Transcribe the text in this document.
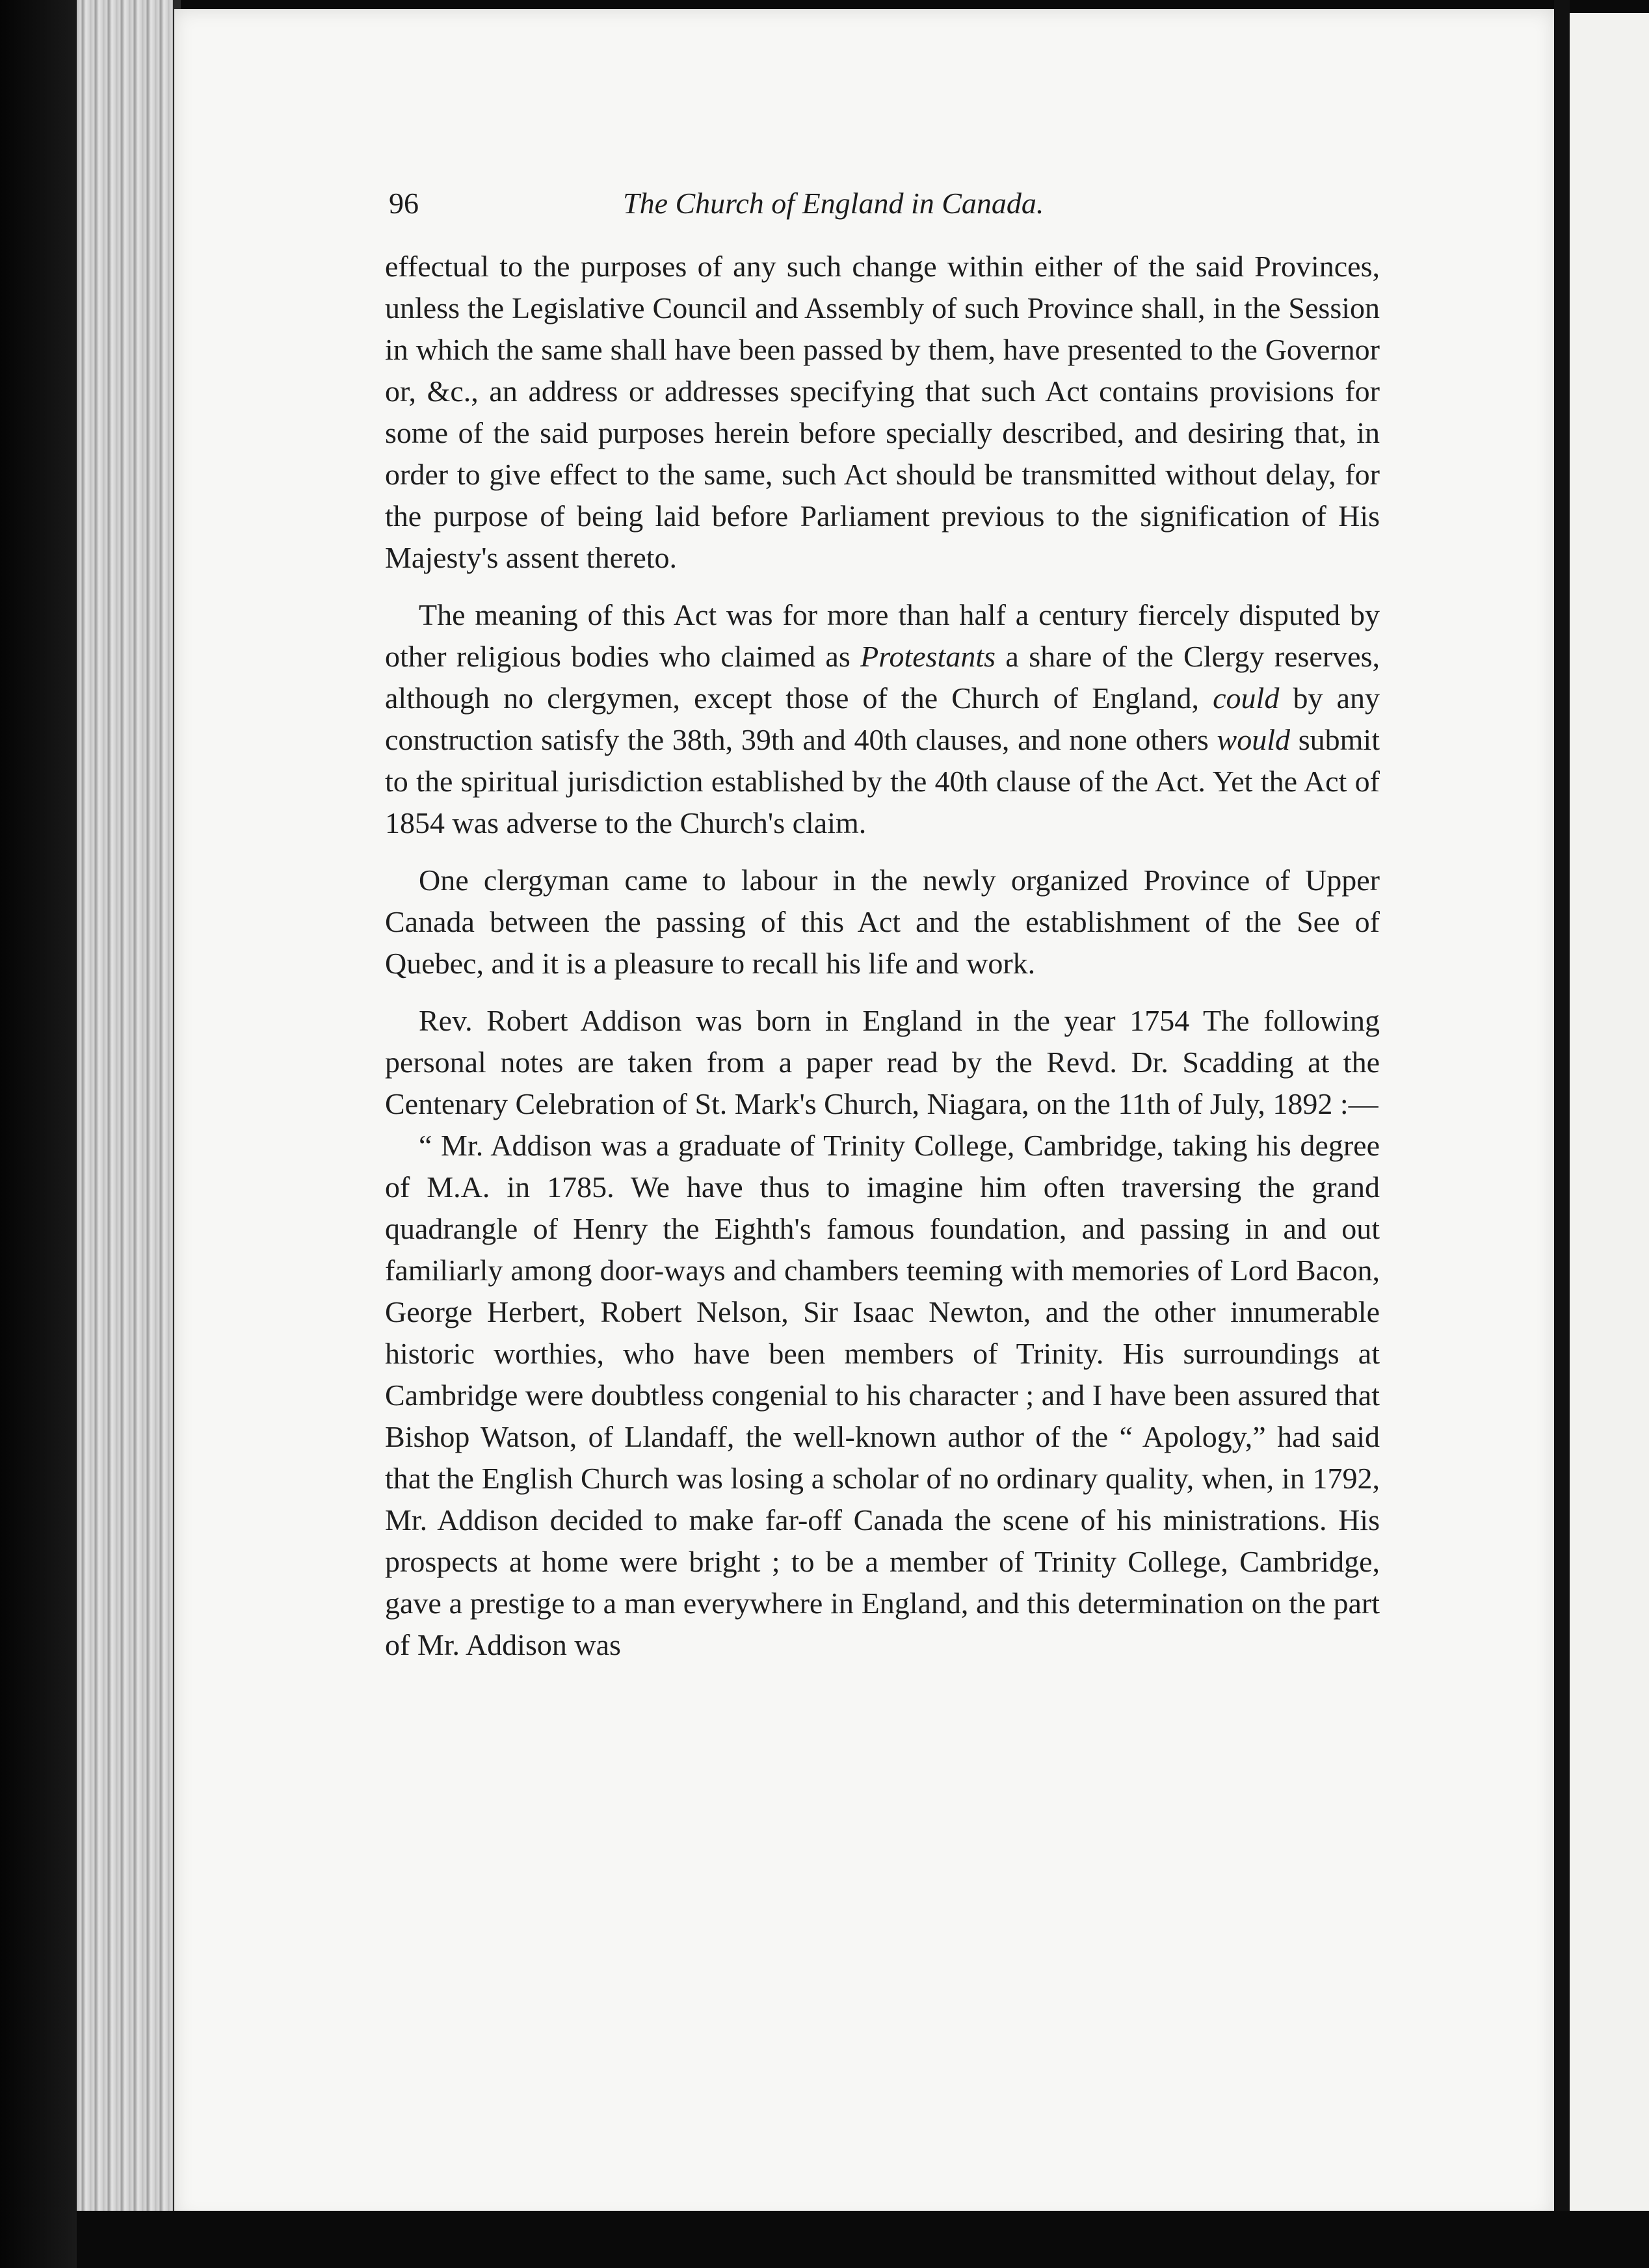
96	The Church of England in Canada.

effectual to the purposes of any such change within either of the said Provinces, unless the Legislative Council and Assembly of such Province shall, in the Session in which the same shall have been passed by them, have presented to the Governor or, &c., an address or addresses specifying that such Act contains provisions for some of the said purposes herein before specially described, and desiring that, in order to give effect to the same, such Act should be transmitted without delay, for the purpose of being laid before Parliament previous to the signification of His Majesty's assent thereto.

The meaning of this Act was for more than half a century fiercely disputed by other religious bodies who claimed as Protestants a share of the Clergy reserves, although no clergymen, except those of the Church of England, could by any construction satisfy the 38th, 39th and 40th clauses, and none others would submit to the spiritual jurisdiction established by the 40th clause of the Act. Yet the Act of 1854 was adverse to the Church's claim.

One clergyman came to labour in the newly organized Province of Upper Canada between the passing of this Act and the establishment of the See of Quebec, and it is a pleasure to recall his life and work.

Rev. Robert Addison was born in England in the year 1754 The following personal notes are taken from a paper read by the Revd. Dr. Scadding at the Centenary Celebration of St. Mark's Church, Niagara, on the 11th of July, 1892 :—

“ Mr. Addison was a graduate of Trinity College, Cambridge, taking his degree of M.A. in 1785. We have thus to imagine him often traversing the grand quadrangle of Henry the Eighth's famous foundation, and passing in and out familiarly among door-ways and chambers teeming with memories of Lord Bacon, George Herbert, Robert Nelson, Sir Isaac Newton, and the other innumerable historic worthies, who have been members of Trinity. His surroundings at Cambridge were doubtless congenial to his character ; and I have been assured that Bishop Watson, of Llandaff, the well-known author of the “ Apology,” had said that the English Church was losing a scholar of no ordinary quality, when, in 1792, Mr. Addison decided to make far-off Canada the scene of his ministrations. His prospects at home were bright ; to be a member of Trinity College, Cambridge, gave a prestige to a man everywhere in England, and this determination on the part of Mr. Addison was
